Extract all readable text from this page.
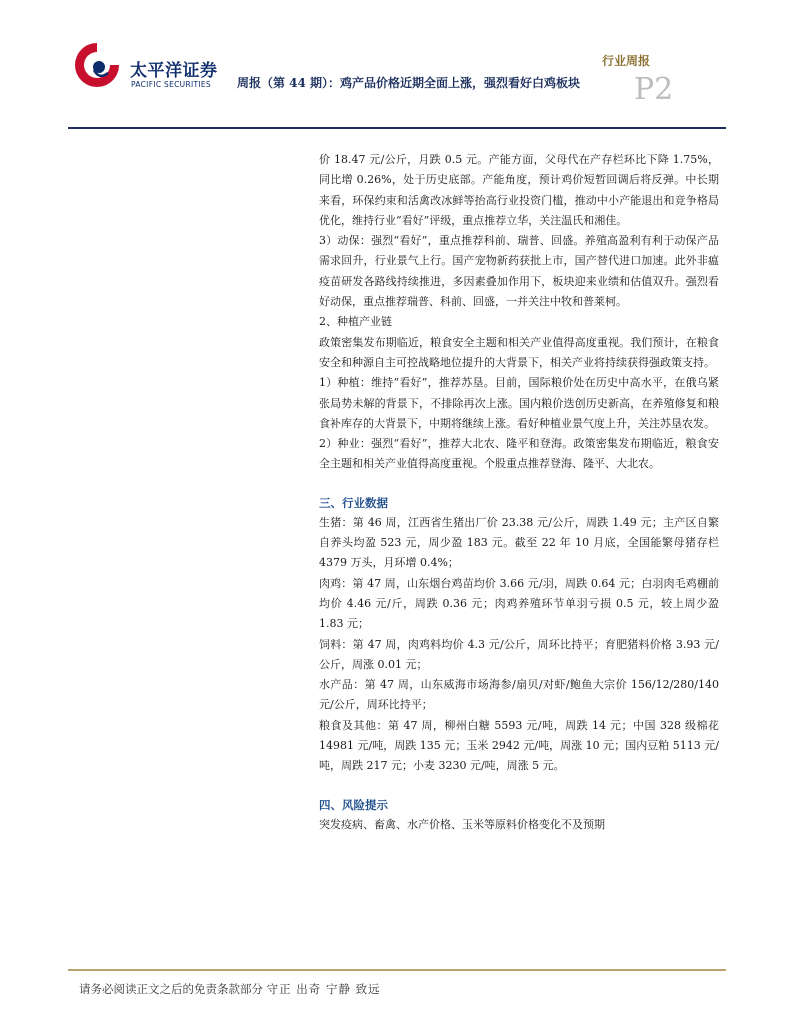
太平洋证券
PACIFIC SECURITIES
行业周报
周报（第 44 期）：鸡产品价格近期全面上涨，强烈看好白鸡板块 P2

价 18.47 元/公斤，月跌 0.5 元。产能方面，父母代在产存栏环比下降 1.75%，同比增 0.26%，处于历史底部。产能角度，预计鸡价短暂回调后将反弹。中长期来看，环保约束和活禽改冰鲜等抬高行业投资门槛，推动中小产能退出和竞争格局优化，维持行业“看好”评级，重点推荐立华，关注温氏和湘佳。

3）动保：强烈“看好”，重点推荐科前、瑞普、回盛。养殖高盈利有利于动保产品需求回升，行业景气上行。国产宠物新药获批上市，国产替代进口加速。此外非瘟疫苗研发各路线持续推进，多因素叠加作用下，板块迎来业绩和估值双升。强烈看好动保，重点推荐瑞普、科前、回盛，一并关注中牧和普莱柯。

2、种植产业链

政策密集发布期临近，粮食安全主题和相关产业值得高度重视。我们预计，在粮食安全和种源自主可控战略地位提升的大背景下，相关产业将持续获得强政策支持。

1）种植：维持“看好”，推荐苏垦。目前，国际粮价处在历史中高水平，在俄乌紧张局势未解的背景下，不排除再次上涨。国内粮价迭创历史新高，在养殖修复和粮食补库存的大背景下，中期将继续上涨。看好种植业景气度上升，关注苏垦农发。

2）种业：强烈“看好”，推荐大北农、隆平和登海。政策密集发布期临近，粮食安全主题和相关产业值得高度重视。个股重点推荐登海、隆平、大北农。

三、行业数据

生猪：第 46 周，江西省生猪出厂价 23.38 元/公斤，周跌 1.49 元；主产区自繁自养头均盈 523 元，周少盈 183 元。截至 22 年 10 月底，全国能繁母猪存栏 4379 万头，月环增 0.4%；

肉鸡：第 47 周，山东烟台鸡苗均价 3.66 元/羽，周跌 0.64 元；白羽肉毛鸡棚前均价 4.46 元/斤，周跌 0.36 元；肉鸡养殖环节单羽亏损 0.5 元，较上周少盈 1.83 元；

饲料：第 47 周，肉鸡料均价 4.3 元/公斤，周环比持平；育肥猪料价格 3.93 元/公斤，周涨 0.01 元；

水产品：第 47 周，山东威海市场海参/扇贝/对虾/鲍鱼大宗价 156/12/280/140 元/公斤，周环比持平；

粮食及其他：第 47 周，柳州白糖 5593 元/吨，周跌 14 元；中国 328 级棉花 14981 元/吨，周跌 135 元；玉米 2942 元/吨，周涨 10 元；国内豆粕 5113 元/吨，周跌 217 元；小麦 3230 元/吨，周涨 5 元。

四、风险提示

突发疫病、畜禽、水产价格、玉米等原料价格变化不及预期

请务必阅读正文之后的免责条款部分 守正 出奇 宁静 致远
